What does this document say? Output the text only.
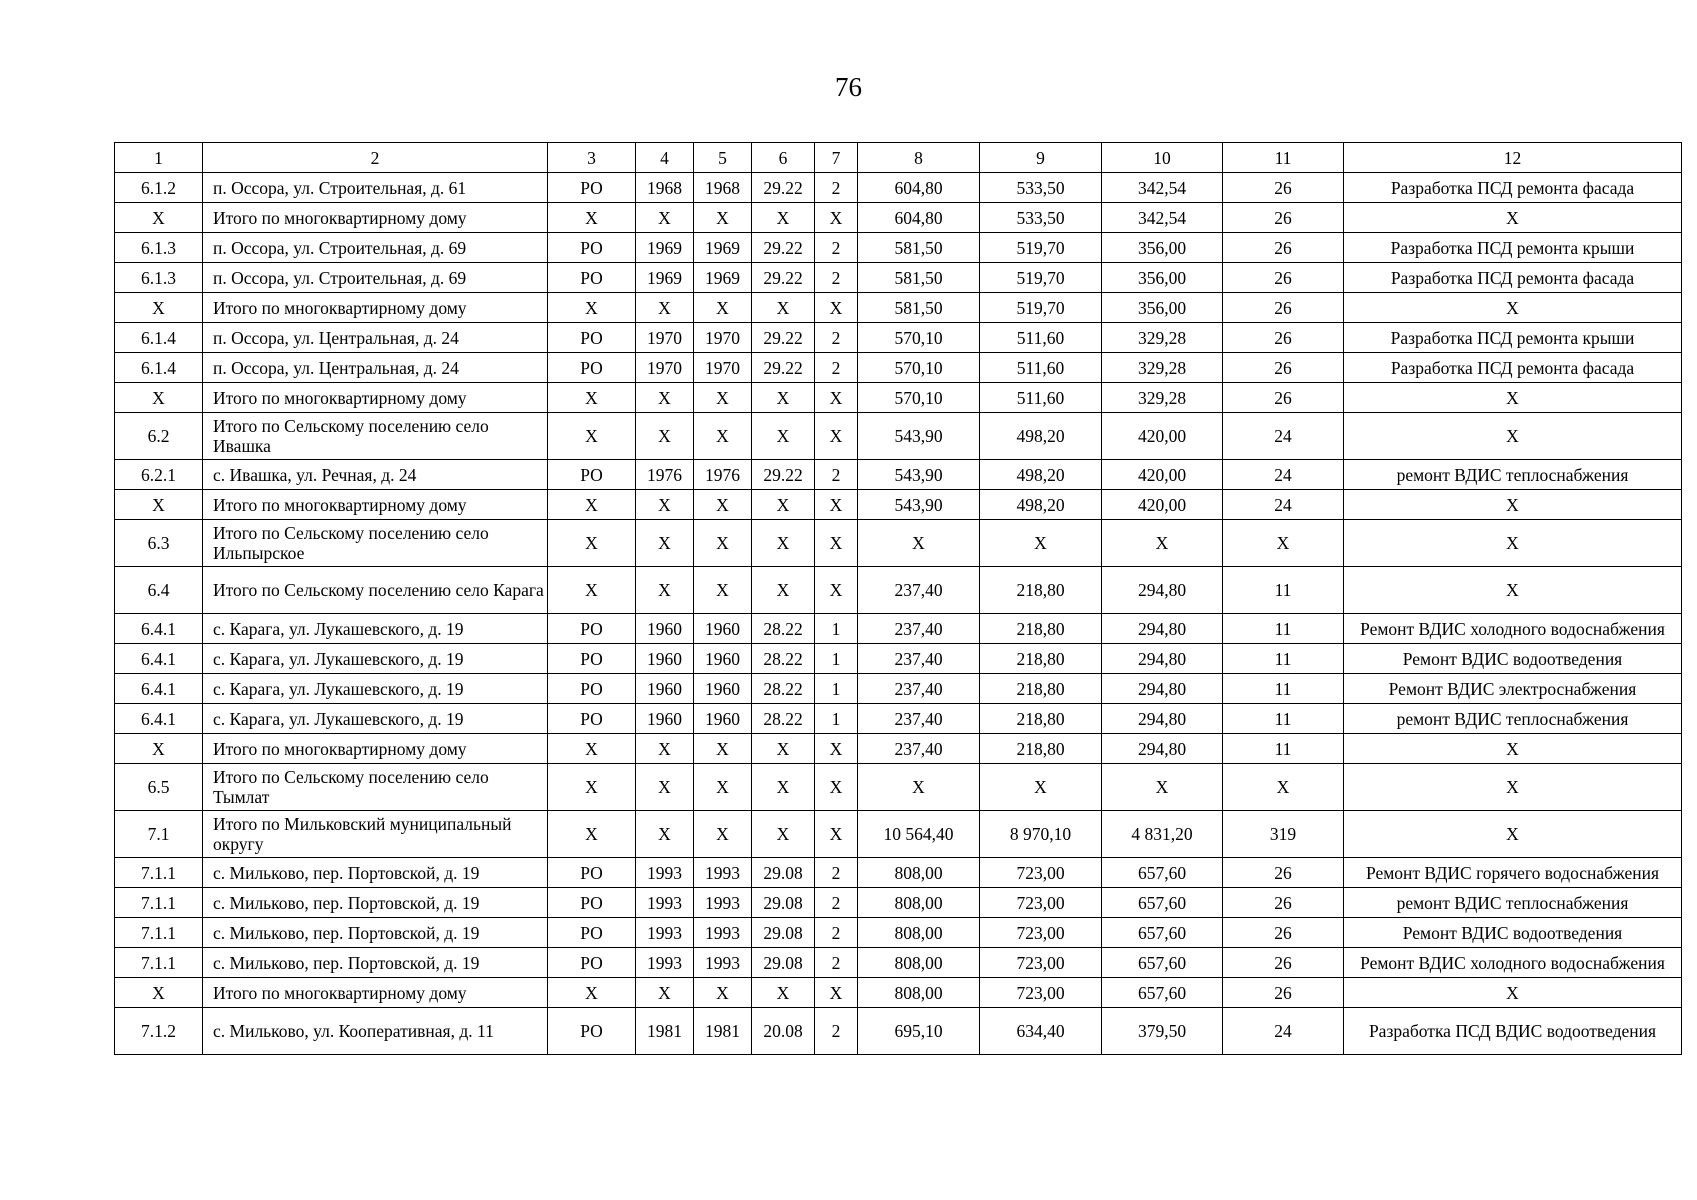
76
1	2	3	4	5	6	7	8	9	10	11	12
6.1.2	п. Оссора, ул. Строительная, д. 61	РО	1968	1968	29.22	2	604,80	533,50	342,54	26	Разработка ПСД ремонта фасада
Х	Итого по многоквартирному дому	Х	Х	Х	Х	Х	604,80	533,50	342,54	26	Х
6.1.3	п. Оссора, ул. Строительная, д. 69	РО	1969	1969	29.22	2	581,50	519,70	356,00	26	Разработка ПСД ремонта крыши
6.1.3	п. Оссора, ул. Строительная, д. 69	РО	1969	1969	29.22	2	581,50	519,70	356,00	26	Разработка ПСД ремонта фасада
Х	Итого по многоквартирному дому	Х	Х	Х	Х	Х	581,50	519,70	356,00	26	Х
6.1.4	п. Оссора, ул. Центральная, д. 24	РО	1970	1970	29.22	2	570,10	511,60	329,28	26	Разработка ПСД ремонта крыши
6.1.4	п. Оссора, ул. Центральная, д. 24	РО	1970	1970	29.22	2	570,10	511,60	329,28	26	Разработка ПСД ремонта фасада
Х	Итого по многоквартирному дому	Х	Х	Х	Х	Х	570,10	511,60	329,28	26	Х
6.2	Итого по Сельскому поселению село Ивашка	Х	Х	Х	Х	Х	543,90	498,20	420,00	24	Х
6.2.1	с. Ивашка, ул. Речная, д. 24	РО	1976	1976	29.22	2	543,90	498,20	420,00	24	ремонт ВДИС теплоснабжения
Х	Итого по многоквартирному дому	Х	Х	Х	Х	Х	543,90	498,20	420,00	24	Х
6.3	Итого по Сельскому поселению село Ильпырское	Х	Х	Х	Х	Х	Х	Х	Х	Х	Х
6.4	Итого по Сельскому поселению село Карага	Х	Х	Х	Х	Х	237,40	218,80	294,80	11	Х
6.4.1	с. Карага, ул. Лукашевского, д. 19	РО	1960	1960	28.22	1	237,40	218,80	294,80	11	Ремонт ВДИС холодного водоснабжения
6.4.1	с. Карага, ул. Лукашевского, д. 19	РО	1960	1960	28.22	1	237,40	218,80	294,80	11	Ремонт ВДИС водоотведения
6.4.1	с. Карага, ул. Лукашевского, д. 19	РО	1960	1960	28.22	1	237,40	218,80	294,80	11	Ремонт ВДИС электроснабжения
6.4.1	с. Карага, ул. Лукашевского, д. 19	РО	1960	1960	28.22	1	237,40	218,80	294,80	11	ремонт ВДИС теплоснабжения
Х	Итого по многоквартирному дому	Х	Х	Х	Х	Х	237,40	218,80	294,80	11	Х
6.5	Итого по Сельскому поселению село Тымлат	Х	Х	Х	Х	Х	Х	Х	Х	Х	Х
7.1	Итого по Мильковский муниципальный округу	Х	Х	Х	Х	Х	10 564,40	8 970,10	4 831,20	319	Х
7.1.1	с. Мильково, пер. Портовской, д. 19	РО	1993	1993	29.08	2	808,00	723,00	657,60	26	Ремонт ВДИС горячего водоснабжения
7.1.1	с. Мильково, пер. Портовской, д. 19	РО	1993	1993	29.08	2	808,00	723,00	657,60	26	ремонт ВДИС теплоснабжения
7.1.1	с. Мильково, пер. Портовской, д. 19	РО	1993	1993	29.08	2	808,00	723,00	657,60	26	Ремонт ВДИС водоотведения
7.1.1	с. Мильково, пер. Портовской, д. 19	РО	1993	1993	29.08	2	808,00	723,00	657,60	26	Ремонт ВДИС холодного водоснабжения
Х	Итого по многоквартирному дому	Х	Х	Х	Х	Х	808,00	723,00	657,60	26	Х
7.1.2	с. Мильково, ул. Кооперативная, д. 11	РО	1981	1981	20.08	2	695,10	634,40	379,50	24	Разработка ПСД ВДИС водоотведения
